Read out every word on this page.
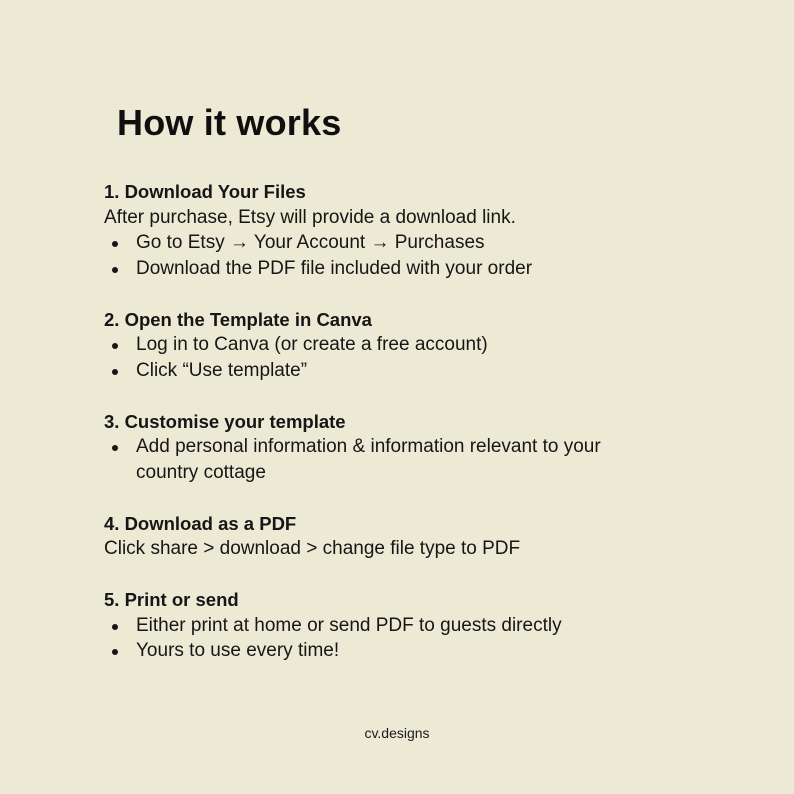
How it works

1. Download Your Files

After purchase, Etsy will provide a download link.

Go to Etsy → Your Account → Purchases
Download the PDF file included with your order

2. Open the Template in Canva

Log in to Canva (or create a free account)
Click “Use template”

3. Customise your template

Add personal information & information relevant to your country cottage

4. Download as a PDF

Click share > download > change file type to PDF

5. Print or send

Either print at home or send PDF to guests directly
Yours to use every time!
cv.designs
